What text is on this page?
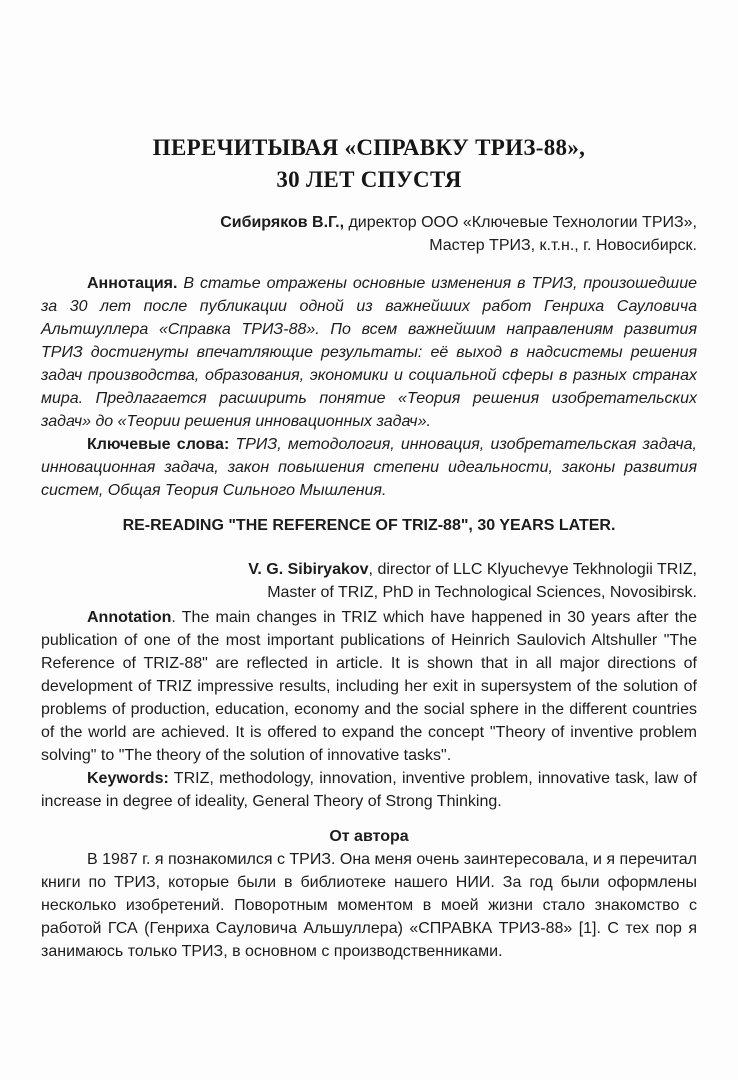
ПЕРЕЧИТЫВАЯ «СПРАВКУ ТРИЗ-88»,
30 ЛЕТ СПУСТЯ
Сибиряков В.Г., директор ООО «Ключевые Технологии ТРИЗ»,
Мастер ТРИЗ, к.т.н., г. Новосибирск.

Аннотация. В статье отражены основные изменения в ТРИЗ, произошедшие за 30 лет после публикации одной из важнейших работ Генриха Сауловича Альтшуллера «Справка ТРИЗ-88». По всем важнейшим направлениям развития ТРИЗ достигнуты впечатляющие результаты: её выход в надсистемы решения задач производства, образования, экономики и социальной сферы в разных странах мира. Предлагается расширить понятие «Теория решения изобретательских задач» до «Теории решения инновационных задач».

Ключевые слова: ТРИЗ, методология, инновация, изобретательская задача, инновационная задача, закон повышения степени идеальности, законы развития систем, Общая Теория Сильного Мышления.

RE-READING "THE REFERENCE OF TRIZ-88", 30 YEARS LATER.
V. G. Sibiryakov, director of LLC Klyuchevye Tekhnologii TRIZ,
Master of TRIZ, PhD in Technological Sciences, Novosibirsk.

Annotation. The main changes in TRIZ which have happened in 30 years after the publication of one of the most important publications of Heinrich Saulovich Altshuller "The Reference of TRIZ-88" are reflected in article. It is shown that in all major directions of development of TRIZ impressive results, including her exit in supersystem of the solution of problems of production, education, economy and the social sphere in the different countries of the world are achieved. It is offered to expand the concept "Theory of inventive problem solving" to "The theory of the solution of innovative tasks".

Keywords: TRIZ, methodology, innovation, inventive problem, innovative task, law of increase in degree of ideality, General Theory of Strong Thinking.

От автора

В 1987 г. я познакомился с ТРИЗ. Она меня очень заинтересовала, и я перечитал книги по ТРИЗ, которые были в библиотеке нашего НИИ. За год были оформлены несколько изобретений. Поворотным моментом в моей жизни стало знакомство с работой ГСА (Генриха Сауловича Альшуллера) «СПРАВКА ТРИЗ-88» [1]. С тех пор я занимаюсь только ТРИЗ, в основном с производственниками.
